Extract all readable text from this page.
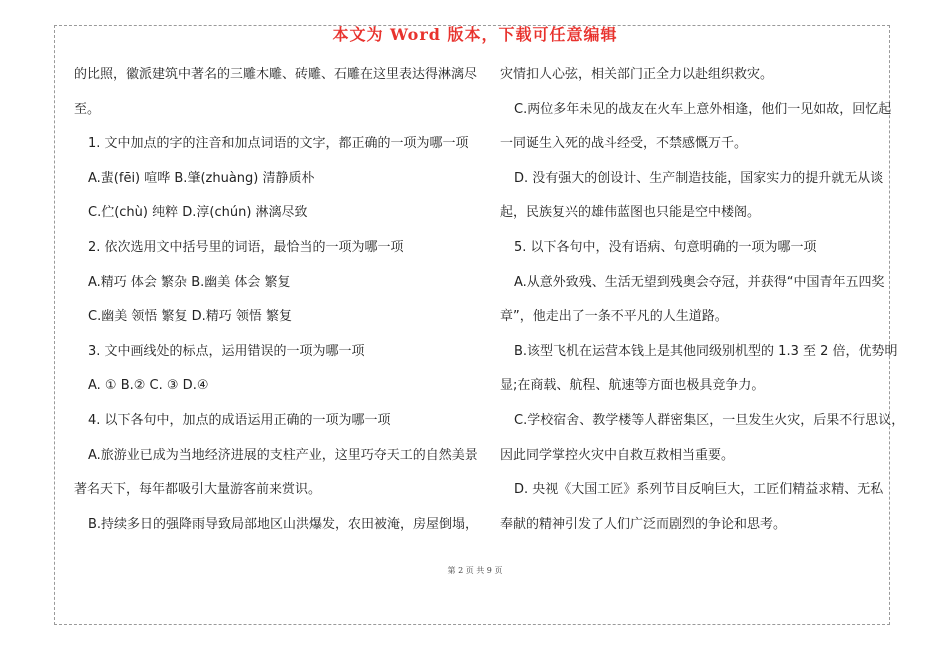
本文为 Word 版本，下载可任意编辑

的比照，徽派建筑中著名的三雕木雕、砖雕、石雕在这里表达得淋漓尽

至。

1. 文中加点的字的注音和加点词语的文字，都正确的一项为哪一项

A.蜚(fēi) 喧哗 B.肇(zhuàng) 清静质朴

C.伫(chù) 纯粹 D.淳(chún) 淋漓尽致

2. 依次选用文中括号里的词语，最恰当的一项为哪一项

A.精巧 体会 繁杂 B.幽美 体会 繁复

C.幽美 领悟 繁复 D.精巧 领悟 繁复

3. 文中画线处的标点，运用错误的一项为哪一项

A. ① B.② C. ③ D.④

4. 以下各句中，加点的成语运用正确的一项为哪一项

A.旅游业已成为当地经济进展的支柱产业，这里巧夺天工的自然美景

著名天下，每年都吸引大量游客前来赏识。

B.持续多日的强降雨导致局部地区山洪爆发，农田被淹，房屋倒塌，

灾情扣人心弦，相关部门正全力以赴组织救灾。

C.两位多年未见的战友在火车上意外相逢，他们一见如故，回忆起

一同诞生入死的战斗经受，不禁感慨万千。

D. 没有强大的创设计、生产制造技能，国家实力的提升就无从谈

起，民族复兴的雄伟蓝图也只能是空中楼阁。

5. 以下各句中，没有语病、句意明确的一项为哪一项

A.从意外致残、生活无望到残奥会夺冠，并获得“中国青年五四奖

章”，他走出了一条不平凡的人生道路。

B.该型飞机在运营本钱上是其他同级别机型的 1.3 至 2 倍，优势明

显;在商载、航程、航速等方面也极具竞争力。

C.学校宿舍、教学楼等人群密集区，一旦发生火灾，后果不行思议，

因此同学掌控火灾中自救互救相当重要。

D. 央视《大国工匠》系列节目反响巨大，工匠们精益求精、无私

奉献的精神引发了人们广泛而剧烈的争论和思考。

第 2 页 共 9 页
